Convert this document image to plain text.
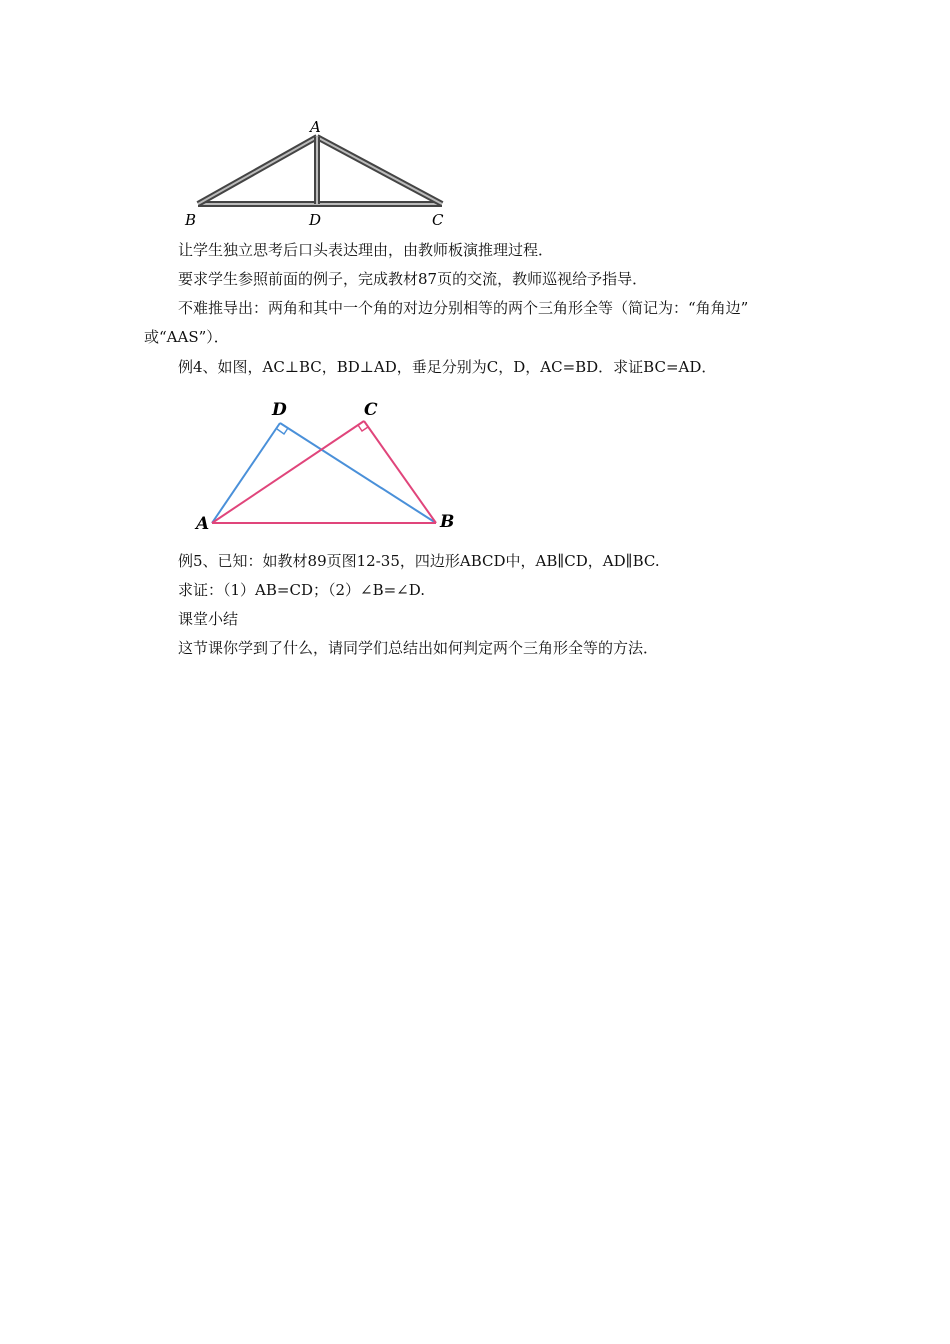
A
B	D	C
让学生独立思考后口头表达理由，由教师板演推理过程．
要求学生参照前面的例子，完成教材87页的交流，教师巡视给予指导．
不难推导出：两角和其中一个角的对边分别相等的两个三角形全等（简记为：“角角边”
或“AAS”）．
例4、如图，AC⊥BC，BD⊥AD，垂足分别为C，D，AC=BD．求证BC=AD．
D	C
A	B
例5、已知：如教材89页图12-35，四边形ABCD中，AB∥CD，AD∥BC.
求证：（1）AB=CD；（2）∠B=∠D.
课堂小结
这节课你学到了什么，请同学们总结出如何判定两个三角形全等的方法．
